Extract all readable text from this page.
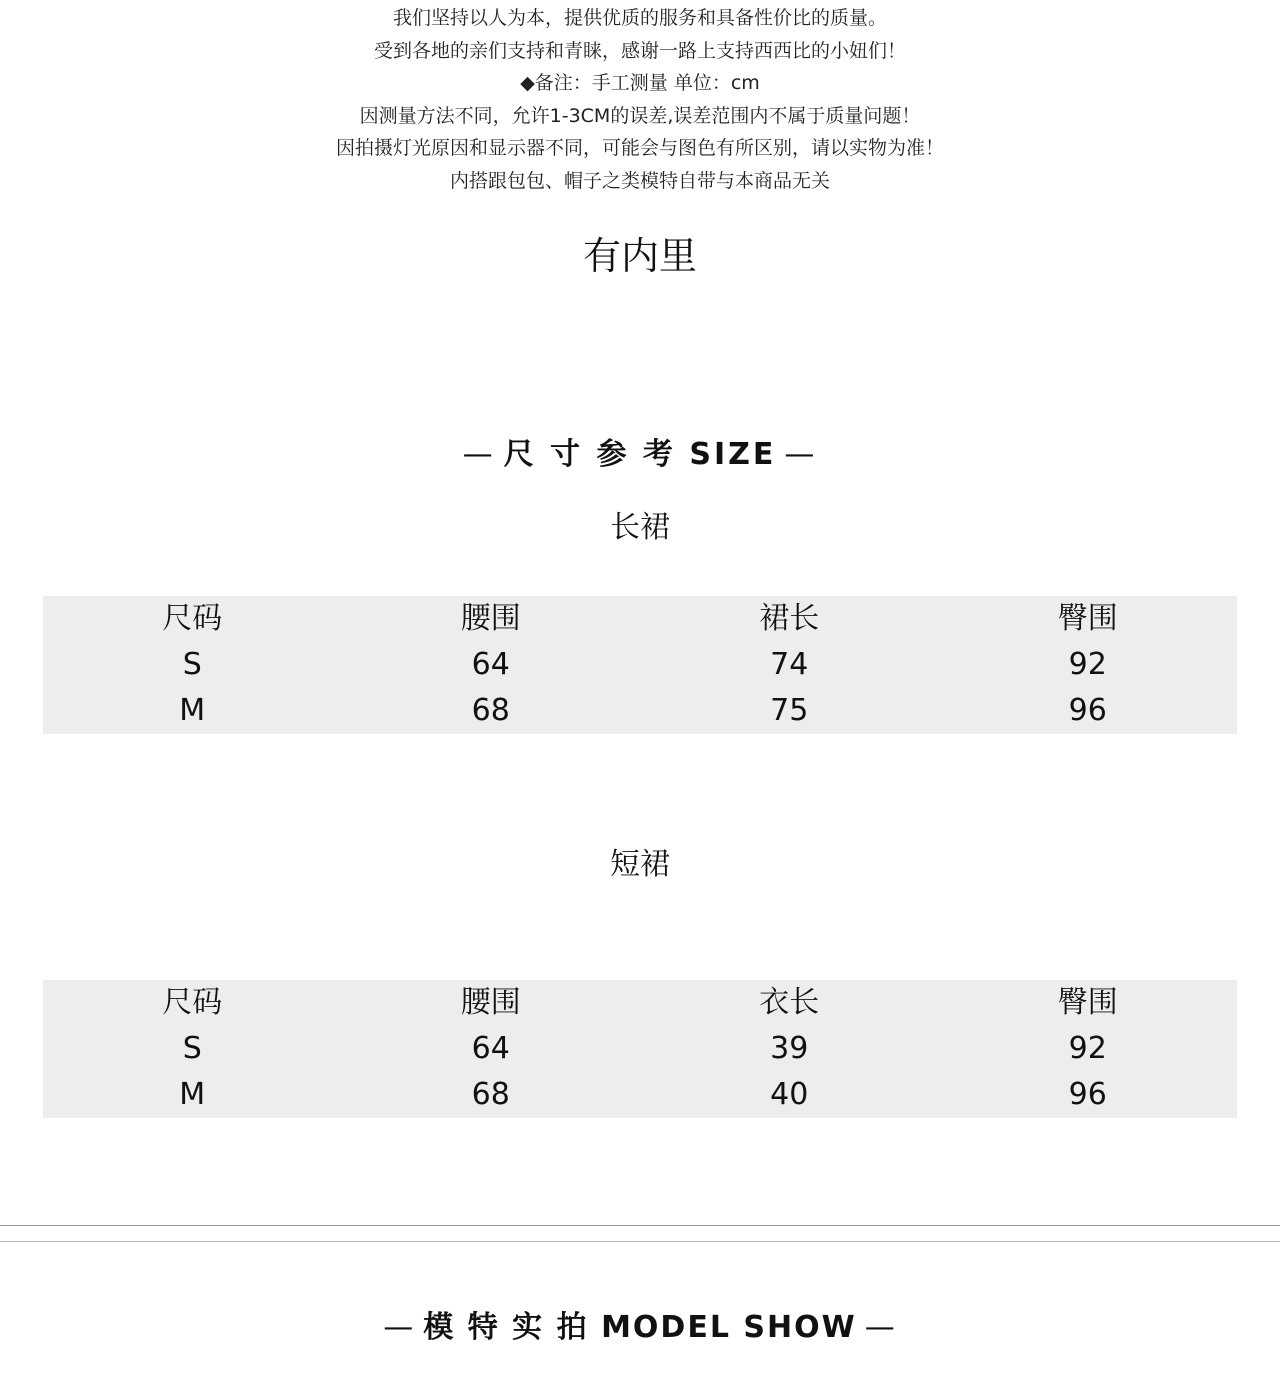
我们坚持以人为本，提供优质的服务和具备性价比的质量。
受到各地的亲们支持和青睐，感谢一路上支持西西比的小妞们！
◆备注：手工测量 单位：cm
因测量方法不同，允许1-3CM的误差,误差范围内不属于质量问题！
因拍摄灯光原因和显示器不同，可能会与图色有所区别，请以实物为准！
内搭跟包包、帽子之类模特自带与本商品无关
有内里
— 尺 寸 参 考 SIZE —
长裙
尺码	腰围	裙长	臀围
S	64	74	92
M	68	75	96
短裙
尺码	腰围	衣长	臀围
S	64	39	92
M	68	40	96
— 模 特 实 拍 MODEL SHOW —
